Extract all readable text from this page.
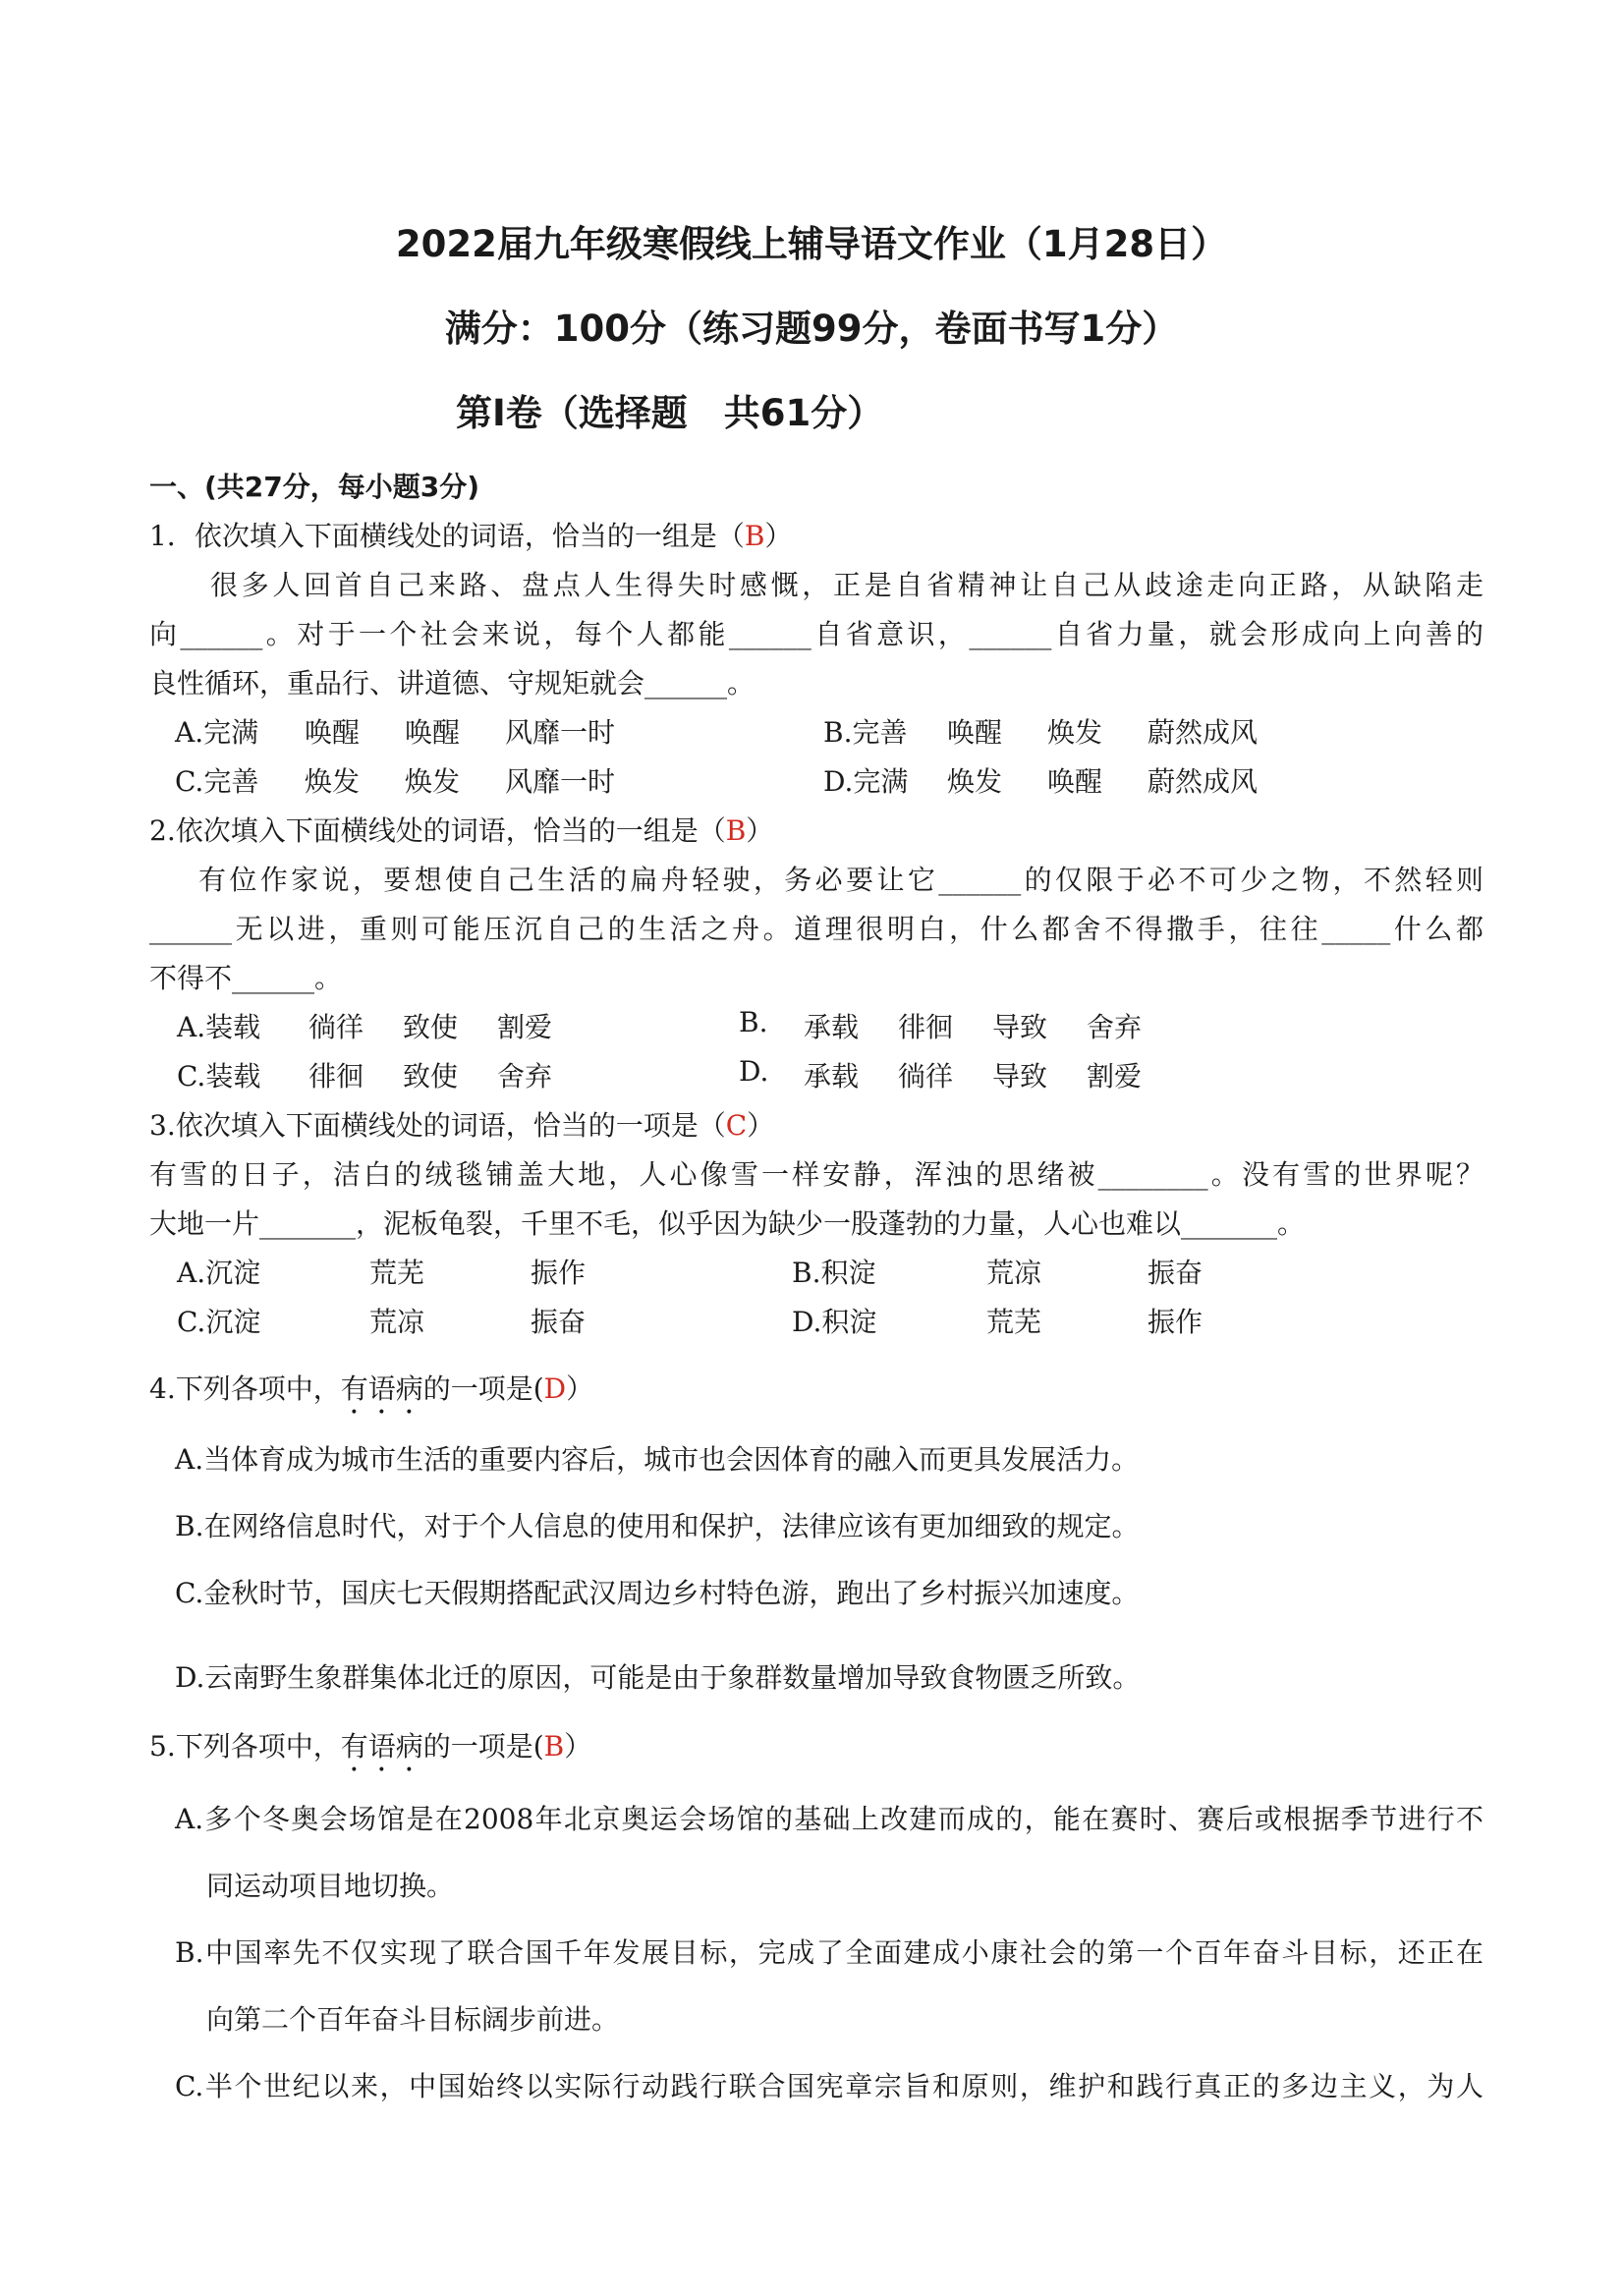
2022届九年级寒假线上辅导语文作业（1月28日）
满分：100分（练习题99分，卷面书写1分）
第Ⅰ卷（选择题　共61分）
一、(共27分，每小题3分)
1．依次填入下面横线处的词语，恰当的一组是（B）
很多人回首自己来路、盘点人生得失时感慨，正是自省精神让自己从歧途走向正路，从缺陷走
向______。对于一个社会来说，每个人都能______自省意识，______自省力量，就会形成向上向善的
良性循环，重品行、讲道德、守规矩就会______。
A.完满 唤醒 唤醒 风靡一时	B.完善 唤醒 焕发 蔚然成风
C.完善 焕发 焕发 风靡一时	D.完满 焕发 唤醒 蔚然成风
2.依次填入下面横线处的词语，恰当的一组是（B）
有位作家说，要想使自己生活的扁舟轻驶，务必要让它______的仅限于必不可少之物，不然轻则
______无以进，重则可能压沉自己的生活之舟。道理很明白，什么都舍不得撒手，往往_____什么都
不得不______。
A.装载 徜徉 致使 割爱	B. 承载 徘徊 导致 舍弃
C.装载 徘徊 致使 舍弃	D. 承载 徜徉 导致 割爱
3.依次填入下面横线处的词语，恰当的一项是（C）
有雪的日子，洁白的绒毯铺盖大地，人心像雪一样安静，浑浊的思绪被________。没有雪的世界呢？
大地一片_______，泥板龟裂，千里不毛，似乎因为缺少一股蓬勃的力量，人心也难以_______。
A.沉淀	荒芜	振作	B.积淀	荒凉	振奋
C.沉淀	荒凉	振奋	D.积淀	荒芜	振作
4.下列各项中，有语病的一项是(D）
A.当体育成为城市生活的重要内容后，城市也会因体育的融入而更具发展活力。
B.在网络信息时代，对于个人信息的使用和保护，法律应该有更加细致的规定。
C.金秋时节，国庆七天假期搭配武汉周边乡村特色游，跑出了乡村振兴加速度。
D.云南野生象群集体北迁的原因，可能是由于象群数量增加导致食物匮乏所致。
5.下列各项中，有语病的一项是(B）
A.多个冬奥会场馆是在2008年北京奥运会场馆的基础上改建而成的，能在赛时、赛后或根据季节进行不
同运动项目地切换。
B.中国率先不仅实现了联合国千年发展目标，完成了全面建成小康社会的第一个百年奋斗目标，还正在
向第二个百年奋斗目标阔步前进。
C.半个世纪以来，中国始终以实际行动践行联合国宪章宗旨和原则，维护和践行真正的多边主义，为人
